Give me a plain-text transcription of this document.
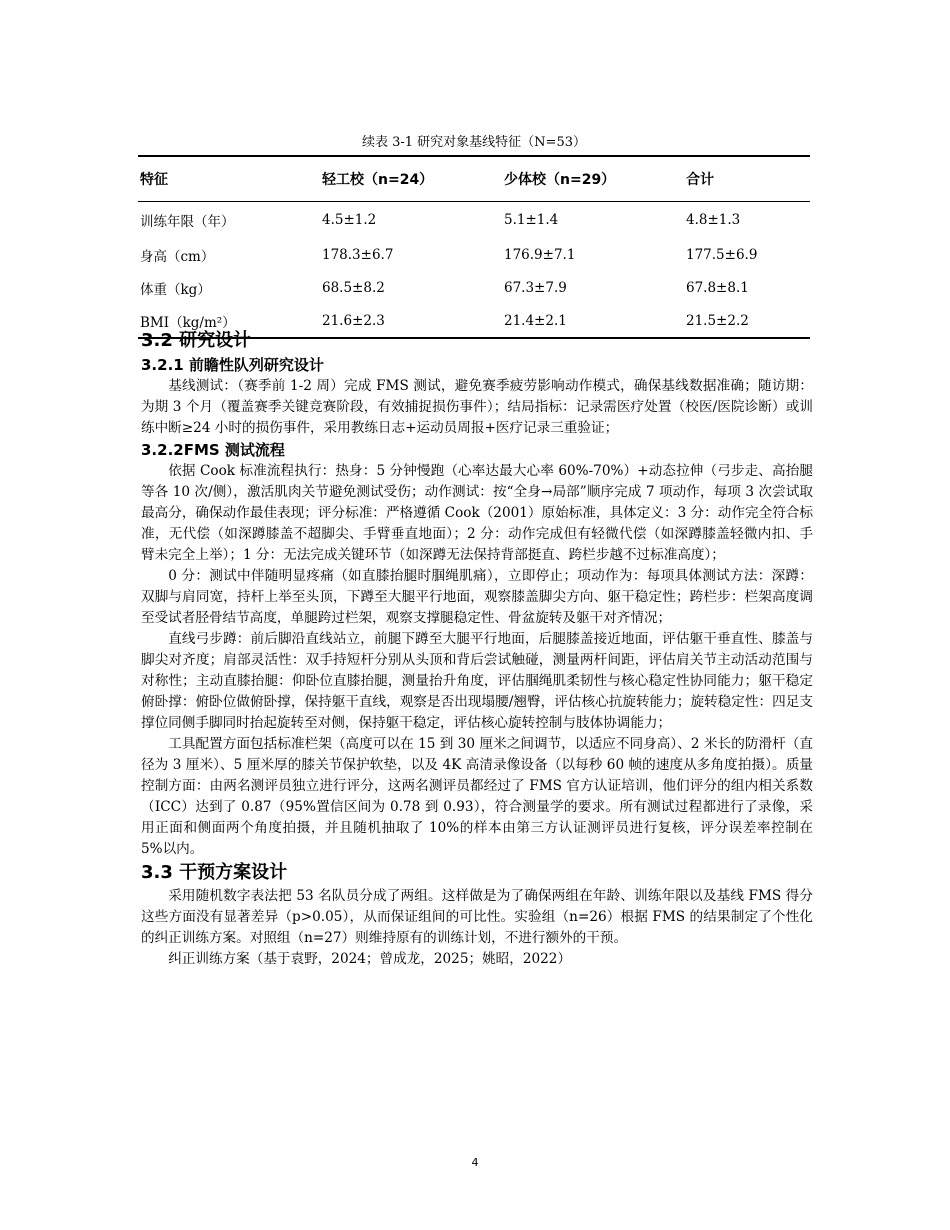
续表 3-1 研究对象基线特征（N=53）
特征	轻工校（n=24）	少体校（n=29）	合计
训练年限（年）	4.5±1.2	5.1±1.4	4.8±1.3
身高（cm）	178.3±6.7	176.9±7.1	177.5±6.9
体重（kg）	68.5±8.2	67.3±7.9	67.8±8.1
BMI（kg/m²）	21.6±2.3	21.4±2.1	21.5±2.2
3.2 研究设计
3.2.1 前瞻性队列研究设计

基线测试：（赛季前 1-2 周）完成 FMS 测试，避免赛季疲劳影响动作模式，确保基线数据准确；随访期：为期 3 个月（覆盖赛季关键竞赛阶段，有效捕捉损伤事件）；结局指标：记录需医疗处置（校医/医院诊断）或训练中断≥24 小时的损伤事件，采用教练日志+运动员周报+医疗记录三重验证；

3.2.2FMS 测试流程

依据 Cook 标准流程执行：热身：5 分钟慢跑（心率达最大心率 60%-70%）+动态拉伸（弓步走、高抬腿等各 10 次/侧），激活肌肉关节避免测试受伤；动作测试：按“全身→局部”顺序完成 7 项动作，每项 3 次尝试取最高分，确保动作最佳表现；评分标准：严格遵循 Cook（2001）原始标准，具体定义：3 分：动作完全符合标准，无代偿（如深蹲膝盖不超脚尖、手臂垂直地面）；2 分：动作完成但有轻微代偿（如深蹲膝盖轻微内扣、手臂未完全上举）；1 分：无法完成关键环节（如深蹲无法保持背部挺直、跨栏步越不过标准高度）；

0 分：测试中伴随明显疼痛（如直膝抬腿时腘绳肌痛），立即停止；项动作为：每项具体测试方法：深蹲：双脚与肩同宽，持杆上举至头顶，下蹲至大腿平行地面，观察膝盖脚尖方向、躯干稳定性；跨栏步：栏架高度调至受试者胫骨结节高度，单腿跨过栏架，观察支撑腿稳定性、骨盆旋转及躯干对齐情况；

直线弓步蹲：前后脚沿直线站立，前腿下蹲至大腿平行地面，后腿膝盖接近地面，评估躯干垂直性、膝盖与脚尖对齐度；肩部灵活性：双手持短杆分别从头顶和背后尝试触碰，测量两杆间距，评估肩关节主动活动范围与对称性；主动直膝抬腿：仰卧位直膝抬腿，测量抬升角度，评估腘绳肌柔韧性与核心稳定性协同能力；躯干稳定俯卧撑：俯卧位做俯卧撑，保持躯干直线，观察是否出现塌腰/翘臀，评估核心抗旋转能力；旋转稳定性：四足支撑位同侧手脚同时抬起旋转至对侧，保持躯干稳定，评估核心旋转控制与肢体协调能力；

工具配置方面包括标准栏架（高度可以在 15 到 30 厘米之间调节，以适应不同身高）、2 米长的防滑杆（直径为 3 厘米）、5 厘米厚的膝关节保护软垫，以及 4K 高清录像设备（以每秒 60 帧的速度从多角度拍摄）。质量控制方面：由两名测评员独立进行评分，这两名测评员都经过了 FMS 官方认证培训，他们评分的组内相关系数（ICC）达到了 0.87（95%置信区间为 0.78 到 0.93），符合测量学的要求。所有测试过程都进行了录像，采用正面和侧面两个角度拍摄，并且随机抽取了 10%的样本由第三方认证测评员进行复核，评分误差率控制在 5%以内。

3.3 干预方案设计

采用随机数字表法把 53 名队员分成了两组。这样做是为了确保两组在年龄、训练年限以及基线 FMS 得分这些方面没有显著差异（p>0.05），从而保证组间的可比性。实验组（n=26）根据 FMS 的结果制定了个性化的纠正训练方案。对照组（n=27）则维持原有的训练计划，不进行额外的干预。

纠正训练方案（基于袁野，2024；曾成龙，2025；姚昭，2022）

4
